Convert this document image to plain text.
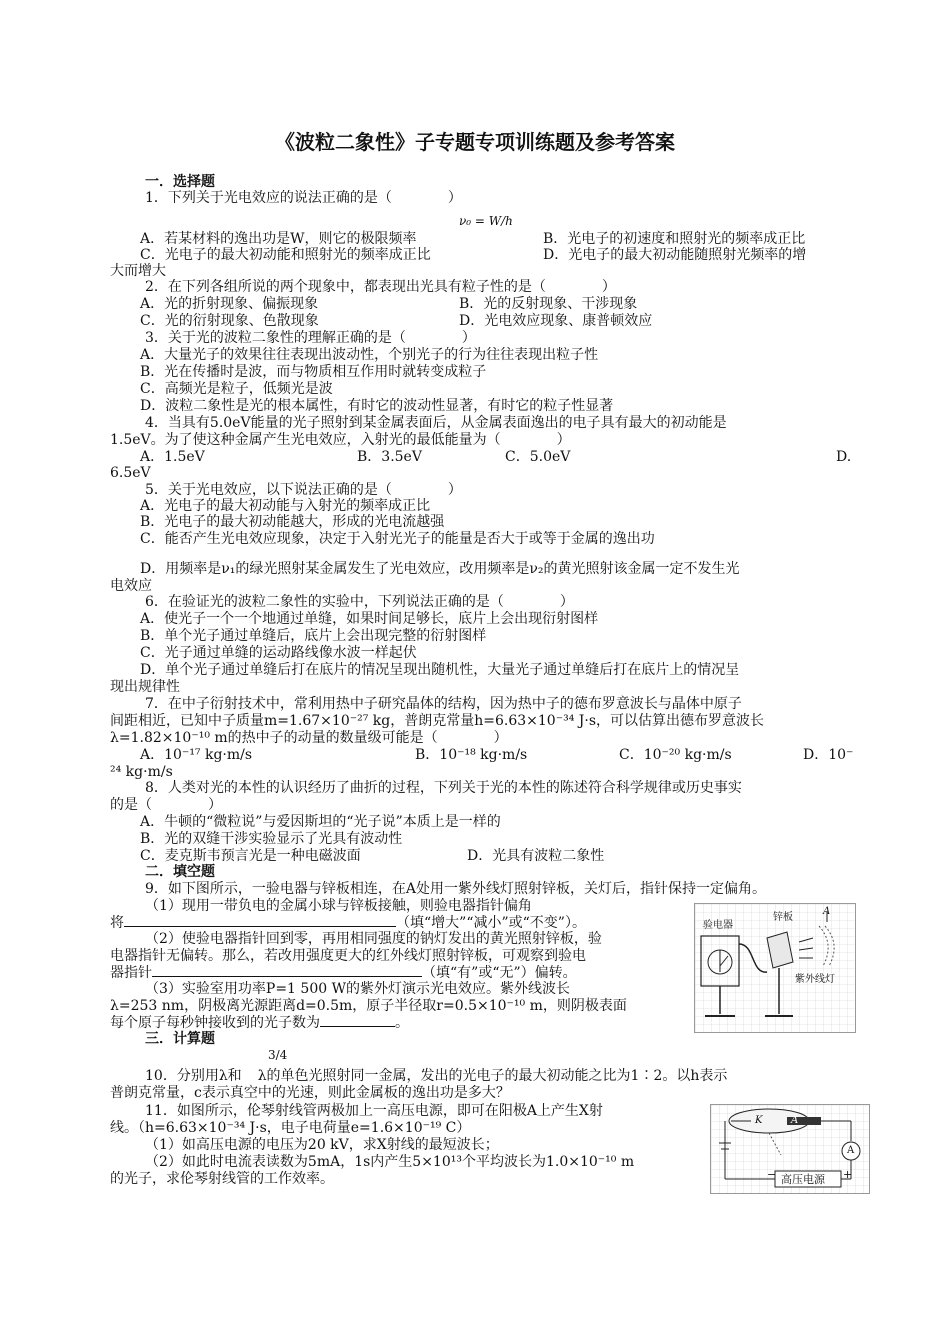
《波粒二象性》子专题专项训练题及参考答案
一．选择题
1．下列关于光电效应的说法正确的是（　　　　）
A．若某材料的逸出功是W，则它的极限频率
ν₀ = W/h
B．光电子的初速度和照射光的频率成正比
C．光电子的最大初动能和照射光的频率成正比	D．光电子的最大初动能随照射光频率的增
大而增大
2．在下列各组所说的两个现象中，都表现出光具有粒子性的是（　　　　）
A．光的折射现象、偏振现象	B．光的反射现象、干涉现象
C．光的衍射现象、色散现象	D．光电效应现象、康普顿效应
3．关于光的波粒二象性的理解正确的是（　　　　）
A．大量光子的效果往往表现出波动性，个别光子的行为往往表现出粒子性
B．光在传播时是波，而与物质相互作用时就转变成粒子
C．高频光是粒子，低频光是波
D．波粒二象性是光的根本属性，有时它的波动性显著，有时它的粒子性显著
4．当具有5.0eV能量的光子照射到某金属表面后，从金属表面逸出的电子具有最大的初动能是
1.5eV。为了使这种金属产生光电效应，入射光的最低能量为（　　　　）
A．1.5eV	B．3.5eV	C．5.0eV	D.
6.5eV
5．关于光电效应，以下说法正确的是（　　　　）
A．光电子的最大初动能与入射光的频率成正比
B．光电子的最大初动能越大，形成的光电流越强
C．能否产生光电效应现象，决定于入射光光子的能量是否大于或等于金属的逸出功
D．用频率是ν₁的绿光照射某金属发生了光电效应，改用频率是ν₂的黄光照射该金属一定不发生光
电效应
6．在验证光的波粒二象性的实验中，下列说法正确的是（　　　　）
A．使光子一个一个地通过单缝，如果时间足够长，底片上会出现衍射图样
B．单个光子通过单缝后，底片上会出现完整的衍射图样
C．光子通过单缝的运动路线像水波一样起伏
D．单个光子通过单缝后打在底片的情况呈现出随机性，大量光子通过单缝后打在底片上的情况呈
现出规律性
7．在中子衍射技术中，常利用热中子研究晶体的结构，因为热中子的德布罗意波长与晶体中原子
间距相近，已知中子质量m=1.67×10⁻²⁷ kg，普朗克常量h=6.63×10⁻³⁴ J·s，可以估算出德布罗意波长
λ=1.82×10⁻¹⁰ m的热中子的动量的数量级可能是（　　　　）
A．10⁻¹⁷ kg·m/s	B．10⁻¹⁸ kg·m/s	C．10⁻²⁰ kg·m/s	D．10⁻
²⁴ kg·m/s
8．人类对光的本性的认识经历了曲折的过程，下列关于光的本性的陈述符合科学规律或历史事实
的是（　　　　）
A．牛顿的“微粒说”与爱因斯坦的“光子说”本质上是一样的
B．光的双缝干涉实验显示了光具有波动性
C．麦克斯韦预言光是一种电磁波面	D．光具有波粒二象性
二．填空题
9．如下图所示，一验电器与锌板相连，在A处用一紫外线灯照射锌板，关灯后，指针保持一定偏角。
（1）现用一带负电的金属小球与锌板接触，则验电器指针偏角
将	（填“增大”“减小”或“不变”）。
（2）使验电器指针回到零，再用相同强度的钠灯发出的黄光照射锌板，验
电器指针无偏转。那么，若改用强度更大的红外线灯照射锌板，可观察到验电
器指针	（填“有”或“无”）偏转。
（3）实验室用功率P=1 500 W的紫外灯演示光电效应。紫外线波长
λ=253 nm，阴极离光源距离d=0.5m，原子半径取r=0.5×10⁻¹⁰ m，则阴极表面
每个原子每秒钟接收到的光子数为	。
验电器
锌板
A
紫外线灯
三．计算题
3/4
10．分别用λ和 λ的单色光照射同一金属，发出的光电子的最大初动能之比为1∶2。以h表示
普朗克常量，c表示真空中的光速，则此金属板的逸出功是多大？
11．如图所示，伦琴射线管两极加上一高压电源，即可在阳极A上产生X射
线。（h=6.63×10⁻³⁴ J·s，电子电荷量e=1.6×10⁻¹⁹ C）
（1）如高压电源的电压为20 kV，求X射线的最短波长；
（2）如此时电流表读数为5mA，1s内产生5×10¹³个平均波长为1.0×10⁻¹⁰ m
的光子，求伦琴射线管的工作效率。
K	A
A
高压电源
−	+
